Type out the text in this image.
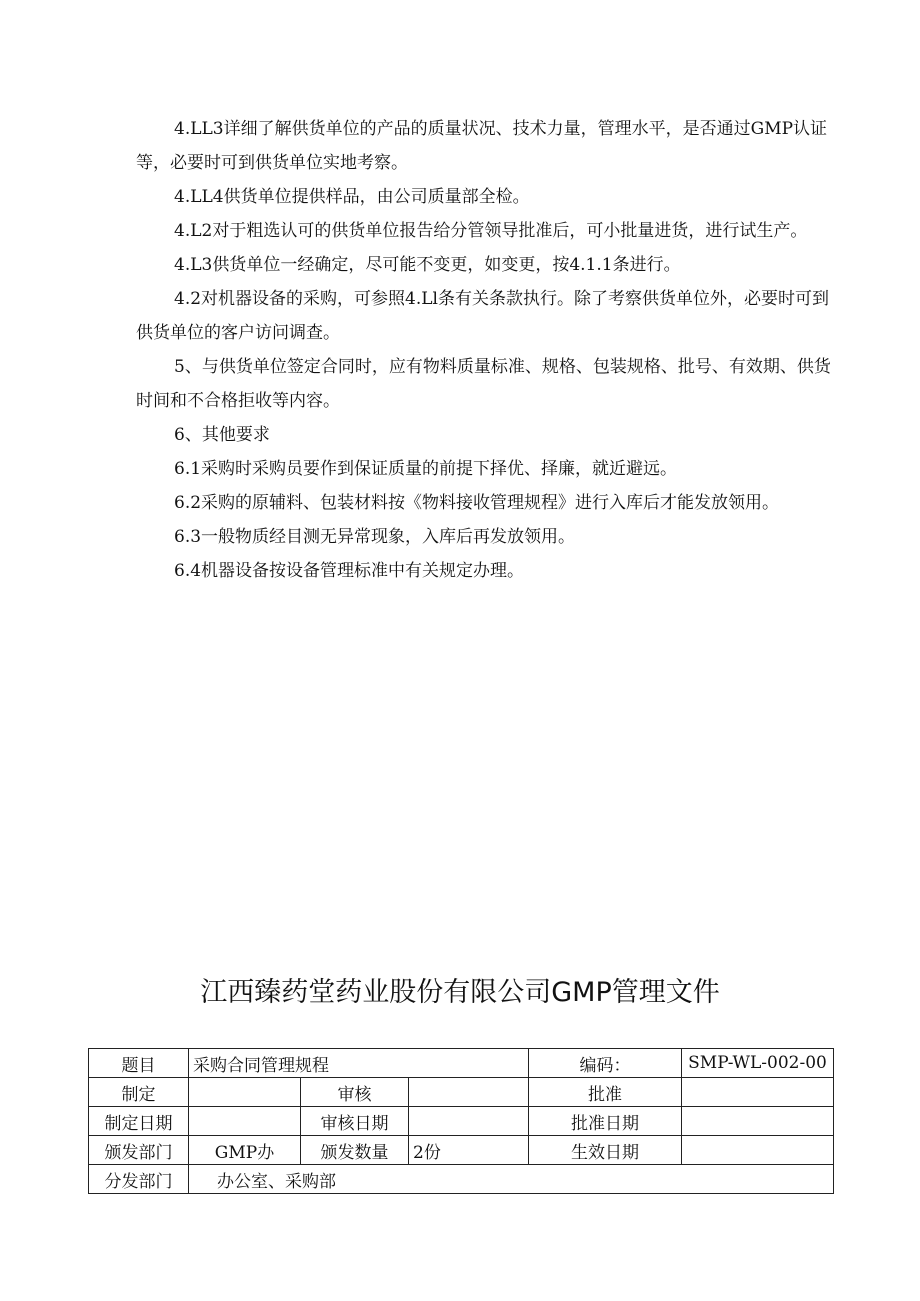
4.LL3详细了解供货单位的产品的质量状况、技术力量，管理水平，是否通过GMP认证等，必要时可到供货单位实地考察。

4.LL4供货单位提供样品，由公司质量部全检。

4.L2对于粗选认可的供货单位报告给分管领导批准后，可小批量进货，进行试生产。

4.L3供货单位一经确定，尽可能不变更，如变更，按4.1.1条进行。

4.2对机器设备的采购，可参照4.Ll条有关条款执行。除了考察供货单位外，必要时可到供货单位的客户访问调查。

5、与供货单位签定合同时，应有物料质量标准、规格、包装规格、批号、有效期、供货时间和不合格拒收等内容。

6、其他要求

6.1采购时采购员要作到保证质量的前提下择优、择廉，就近避远。

6.2采购的原辅料、包装材料按《物料接收管理规程》进行入库后才能发放领用。

6.3一般物质经目测无异常现象，入库后再发放领用。

6.4机器设备按设备管理标准中有关规定办理。

江西臻药堂药业股份有限公司GMP管理文件
题目	采购合同管理规程			编码：	SMP-WL-002-00
制定		审核		批准	
制定日期		审核日期		批准日期	
颁发部门	GMP办	颁发数量	2份	生效日期	
分发部门	办公室、采购部				
